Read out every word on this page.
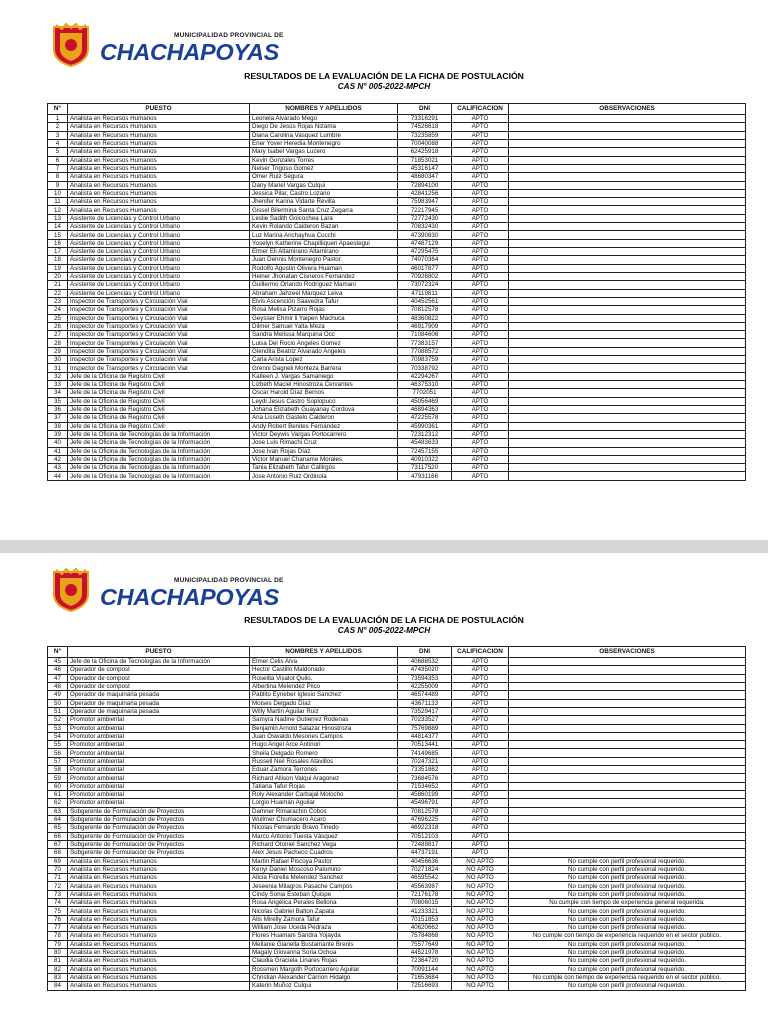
MUNICIPALIDAD PROVINCIAL DE
CHACHAPOYAS
RESULTADOS DE LA EVALUACIÓN DE LA FICHA DE POSTULACIÓN
CAS N° 005-2022-MPCH
N°	PUESTO	NOMBRES Y APELLIDOS	DNI	CALIFICACION	OBSERVACIONES
1	Analista en Recursos Humanos	Leonela Alvarado Mego	73316291	APTO	
2	Analista en Recursos Humanos	Diego De Jesús Rojas Nizama	74526618	APTO	
3	Analista en Recursos Humanos	Diana Carolina Vasquez Lumbre	73235859	APTO	
4	Analista en Recursos Humanos	Ener Yover Heredia Montenegro	70040088	APTO	
5	Analista en Recursos Humanos	Mary Isabel Vargas Lucero	62425918	APTO	
6	Analista en Recursos Humanos	Kevin Gonzales Torres	71853021	APTO	
7	Analista en Recursos Humanos	Neiser Trigoso Gomez	45316147	APTO	
8	Analista en Recursos Humanos	Omer Ruiz Segura	48680347	APTO	
9	Analista en Recursos Humanos	Dany Mariel Vargas Culqui	72894100	APTO	
10	Analista en Recursos Humanos	Jessica Pilar, Castro Lozano	42841256	APTO	
11	Analista en Recursos Humanos	Jhenifer Karina Vidarte Revilla	75983947	APTO	
12	Analista en Recursos Humanos	Gissel Bilermina Santa Cruz Zegarra	72217945	APTO	
13	Asistente de Licencias y Control Urbano	Leslie Sadith Goicochea Lara	72772430	APTO	
14	Asistente de Licencias y Control Urbano	Kevin Rolando Calderon Bazan	70832430	APTO	
15	Asistente de Licencias y Control Urbano	Luz Marina Anchayhua Cucchi	47390830	APTO	
16	Asistente de Licencias y Control Urbano	Yoselyn Katherine Chapilliquen Apaestegui	47487129	APTO	
17	Asistente de Licencias y Control Urbano	Elmer Eli Altamirano Altamirano	47295475	APTO	
18	Asistente de Licencias y Control Urbano	Juan Dennis Montenegro Pastor	74070364	APTO	
19	Asistente de Licencias y Control Urbano	Rodolfo Agustin Olivera Huaman	46017877	APTO	
20	Asistente de Licencias y Control Urbano	Heiner Jhonatan Cisneros Fernandez	70926802	APTO	
21	Asistente de Licencias y Control Urbano	Guillermo Orlando Rodriguez Mamani	73072324	APTO	
22	Asistente de Licencias y Control Urbano	Abraham Jahzeel Márquez Leiva	47119811	APTO	
23	Inspector de Transportes y Circulación Vial	Elvis Ascención Saavedra Tafur	40452561	APTO	
24	Inspector de Transportes y Circulación Vial	Rosa Melisa Pizarro Rojas	70812578	APTO	
25	Inspector de Transportes y Circulación Vial	Geysser Ehmir li Yaipen Machuca	48360822	APTO	
26	Inspector de Transportes y Circulación Vial	Dilmer Samuel Yalta Meza	46917909	APTO	
27	Inspector de Transportes y Circulación Vial	Sandra Melissa Marquina Occ	71084606	APTO	
28	Inspector de Transportes y Circulación Vial	Luisa Del Rocio Angeles Gomez	77383157	APTO	
29	Inspector de Transportes y Circulación Vial	Glendita Beatriz Alvarado Angeles	77088572	APTO	
30	Inspector de Transportes y Circulación Vial	Carla Arista Lopez	70983759	APTO	
31	Inspector de Transportes y Circulación Vial	Grenni Dagneli Monteza Barrera	70338792	APTO	
32	Jefe de la Oficina de Registro Civil	Katleen J. Vargas Samaniego	42294267	APTO	
33	Jefe de la Oficina de Registro Civil	Lizbeth Maciel Hinostroza Cervantes	46375310	APTO	
34	Jefe de la Oficina de Registro Civil	Oscar Harold Díaz Bernos	7702051	APTO	
35	Jefe de la Oficina de Registro Civil	Leydi Jesus Castro Soplopuco	45056469	APTO	
36	Jefe de la Oficina de Registro Civil	Johana Elizabeth Guayanay Cordova	46894363	APTO	
37	Jefe de la Oficina de Registro Civil	Ana Lisseth Gastelo Calderon	47225578	APTO	
38	Jefe de la Oficina de Registro Civil	Andy Robert Benites Fernández	45990361	APTO	
39	Jefe de la Oficina de Tecnologías de la Información	Victor Deywis Vargas Portocarrero	72312312	APTO	
40	Jefe de la Oficina de Tecnologías de la Información	Jose Luis Rimachi Cruz	45483633	APTO	
41	Jefe de la Oficina de Tecnologías de la Información	Jose Ivan Rojas Díaz	72457155	APTO	
42	Jefe de la Oficina de Tecnologías de la Información	Victor Manuel Chaname Morales	40910322	APTO	
43	Jefe de la Oficina de Tecnologías de la Información	Tania Elizabeth Tafur Callirgos	73117520	APTO	
44	Jefe de la Oficina de Tecnologías de la Información	Jose Antonio Ruiz Ordinola	47931166	APTO	
MUNICIPALIDAD PROVINCIAL DE
CHACHAPOYAS
RESULTADOS DE LA EVALUACIÓN DE LA FICHA DE POSTULACIÓN
CAS N° 005-2022-MPCH
N°	PUESTO	NOMBRES Y APELLIDOS	DNI	CALIFICACION	OBSERVACIONES
45	Jefe de la Oficina de Tecnologías de la Información	Elmer Celis Alva	40688532	APTO	
46	Operador de compost	Hector Castillo Maldonado	47435020	APTO	
47	Operador de compost	Roselita Visalot Quilo.	73594353	APTO	
48	Operador de compost	Albertina Melendez Pilco	42255009	APTO	
49	Operador de maquinaria pesada	Pablito Eyneber Iglesio Sanchez	46574489	APTO	
50	Operador de maquinaria pesada	Moises Delgado Díaz	43671133	APTO	
51	Operador de maquinaria pesada	Willy Martin Aguilar Ruiz	73529417	APTO	
52	Promotor ambiental	Samyra Nadine Gutierrez Rodenas	70233527	APTO	
53	Promotor ambiental	Benjamin Arnold Salazar Hinostroza	75769889	APTO	
54	Promotor ambiental	Juan Oswaldo Mesones Campos	44814377	APTO	
55	Promotor ambiental	Hugo Angel Arce Antinori	70513441	APTO	
56	Promotor ambiental	Sheila Delgado Romero	74149685	APTO	
57	Promotor ambiental	Russell Neil Rosales Atavillos	70247321	APTO	
58	Promotor ambiental	Eduar Zamora Terrones	73351862	APTO	
59	Promotor ambiental	Richard Allison Valqui Aragonez	73684576	APTO	
60	Promotor ambiental	Tatiana Tafur Rojas	71534652	APTO	
61	Promotor ambiental	Roly Alexander Carbajal Molocho	45860199	APTO	
62	Promotor ambiental	Lorgio Huamán Aguilar	45496791	APTO	
63	Subgerente de Formulación de Proyectos	Damner Rimarachin Cobos	70812578	APTO	
64	Subgerente de Formulación de Proyectos	Wullmer Chumacero Acaro	47696225	APTO	
65	Subgerente de Formulación de Proyectos	Nicolas Fernando Bravo Tinedo	46922318	APTO	
66	Subgerente de Formulación de Proyectos	Marco Antonio Tuesta Vásquez	70512103	APTO	
67	Subgerente de Formulación de Proyectos	Richard Otoniel Sanchez Vega	72489817	APTO	
68	Subgerente de Formulación de Proyectos	Alex Jesus Pacheco Cuadros	44737191	APTO	
69	Analista en Recursos Humanos	Martin Rafael Piscoya Pastor	40456636	NO APTO	No cumple con perfil profesional requerido.
70	Analista en Recursos Humanos	Kenyi Daniel Moscoso Palomino	70271824	NO APTO	No cumple con perfil profesional requerido.
71	Analista en Recursos Humanos	Alicia Fiorella Melendez Sanchez	46595542	NO APTO	No cumple con perfil profesional requerido.
72	Analista en Recursos Humanos	Jeseenia Milagros Pasache Campos	45563987	NO APTO	No cumple con perfil profesional requerido.
73	Analista en Recursos Humanos	Cindy Sonia Esteban Quispe	72176178	NO APTO	No cumple con perfil profesional requerido.
74	Analista en Recursos Humanos	Rosa Angélica Perales Bellona	70806015	NO APTO	No cumple con tiempo de experiencia general requerida.
75	Analista en Recursos Humanos	Nicolas Gabriel Balton Zapata	41233321	NO APTO	No cumple con perfil profesional requerido.
76	Analista en Recursos Humanos	Alis Mirelly Zamora Tafur	70151853	NO APTO	No cumple con perfil profesional requerido.
77	Analista en Recursos Humanos	William Jose Uceda Pedraza	40620662	NO APTO	No cumple con perfil profesional requerido.
78	Analista en Recursos Humanos	Flores Huamani Sandra Yojayda	75784868	NO APTO	No cumple con tiempo de experiencia requerido en el sector público.
79	Analista en Recursos Humanos	Mellanie Gianella Bustamante Brenis	75577649	NO APTO	No cumple con perfil profesional requerido.
80	Analista en Recursos Humanos	Magaly Giovanna Soria Ochoa	44521978	NO APTO	No cumple con perfil profesional requerido.
81	Analista en Recursos Humanos	Claudia Graciela Linares Rojas	72364720	NO APTO	No cumple con perfil profesional requerido.
82	Analista en Recursos Humanos	Rossmeri Margoth Portocarrero Aguilar	70091144	NO APTO	No cumple con perfil profesional requerido.
83	Analista en Recursos Humanos	Christian Alexander Carrion Hidalgo	71653684	NO APTO	No cumple con tiempo de experiencia requerido en el sector público.
84	Analista en Recursos Humanos	Katerin Muñoz Culqui	72516693	NO APTO	No cumple con perfil profesional requerido.
